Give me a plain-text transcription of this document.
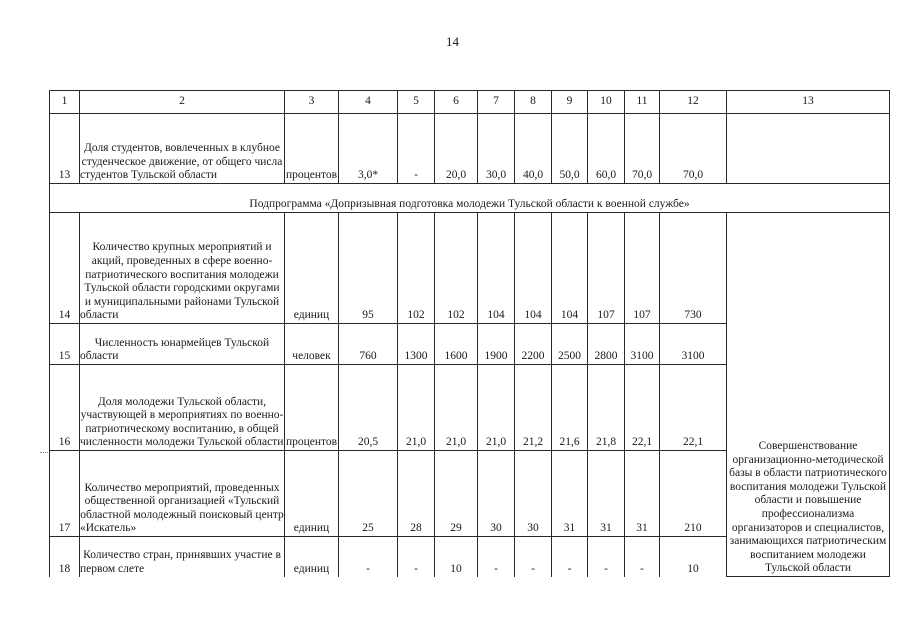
14
1	2	3	4	5	6	7	8	9	10	11	12	13	
13	Доля студентов, вовлеченных в клубное студенческое движение, от общего числа студентов Тульской области	процентов	3,0*	-	20,0	30,0	40,0	50,0	60,0	70,0	70,0		
Подпрограмма «Допризывная подготовка молодежи Тульской области к военной службе»													
14	Количество крупных мероприятий и акций, проведенных в сфере военно-патриотического воспитания молодежи Тульской области городскими округами и муниципальными районами Тульской области	единиц	95	102	102	104	104	104	107	107	730	Совершенствование организационно-методической базы в области патриотического воспитания молодежи Тульской области и повышение профессионализма организаторов и специалистов, занимающихся патриотическим воспитанием молодежи Тульской области	
15	Численность юнармейцев Тульской области	человек	760	1300	1600	1900	2200	2500	2800	3100	3100		
16	Доля молодежи Тульской области, участвующей в мероприятиях по военно-патриотическому воспитанию, в общей численности молодежи Тульской области	процентов	20,5	21,0	21,0	21,0	21,2	21,6	21,8	22,1	22,1		
17	Количество мероприятий, проведенных общественной организацией «Тульский областной молодежный поисковый центр «Искатель»	единиц	25	28	29	30	30	31	31	31	210		
18	Количество стран, принявших участие в первом слете	единиц	-	-	10	-	-	-	-	-	10		
